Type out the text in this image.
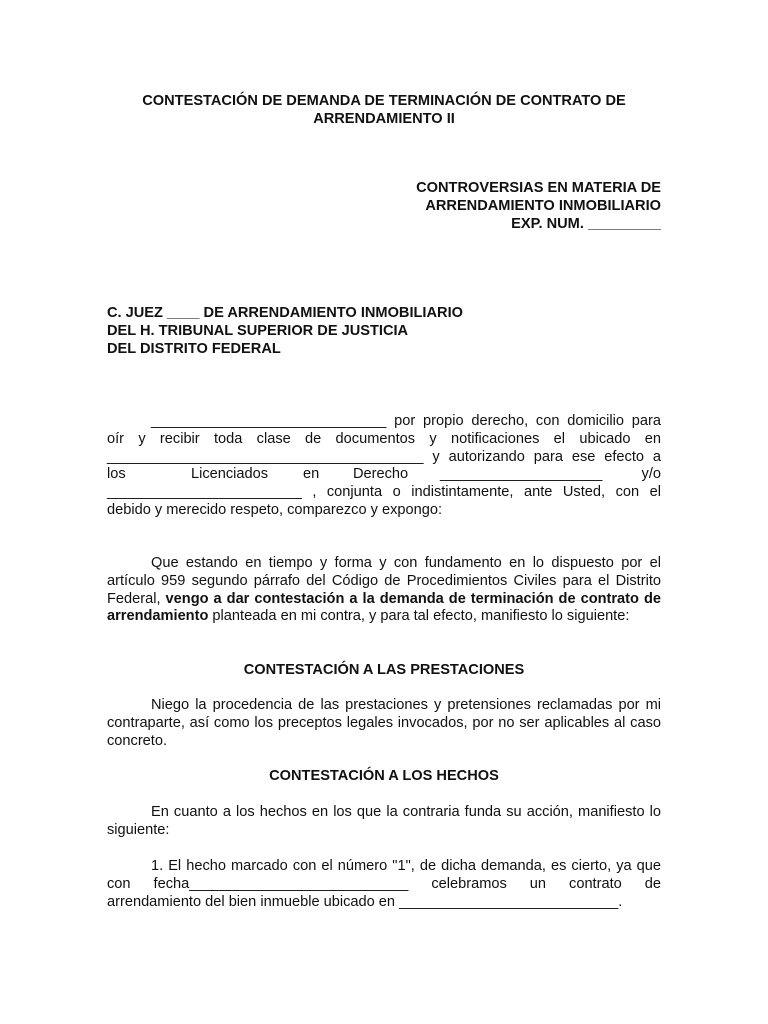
CONTESTACIÓN DE DEMANDA DE TERMINACIÓN DE CONTRATO DE
ARRENDAMIENTO II
CONTROVERSIAS EN MATERIA DE
ARRENDAMIENTO INMOBILIARIO
EXP. NUM. _________
C. JUEZ ____ DE ARRENDAMIENTO INMOBILIARIO
DEL H. TRIBUNAL SUPERIOR DE JUSTICIA
DEL DISTRITO FEDERAL
_____________________________ por propio derecho, con domicilio para
oír y recibir toda clase de documentos y notificaciones el ubicado en
_______________________________________ y autorizando para ese efecto a
los	Licenciados en Derecho ____________________	y/o
________________________ , conjunta o indistintamente, ante Usted, con el
debido y merecido respeto, comparezco y expongo:

Que estando en tiempo y forma y con fundamento en lo dispuesto por el artículo 959 segundo párrafo del Código de Procedimientos Civiles para el Distrito Federal, vengo a dar contestación a la demanda de terminación de contrato de arrendamiento planteada en mi contra, y para tal efecto, manifiesto lo siguiente:

CONTESTACIÓN A LAS PRESTACIONES

Niego la procedencia de las prestaciones y pretensiones reclamadas por mi contraparte, así como los preceptos legales invocados, por no ser aplicables al caso concreto.

CONTESTACIÓN A LOS HECHOS

En cuanto a los hechos en los que la contraria funda su acción, manifiesto lo siguiente:

1. El hecho marcado con el número "1", de dicha demanda, es cierto, ya que con fecha___________________________ celebramos un contrato de arrendamiento del bien inmueble ubicado en ___________________________.
